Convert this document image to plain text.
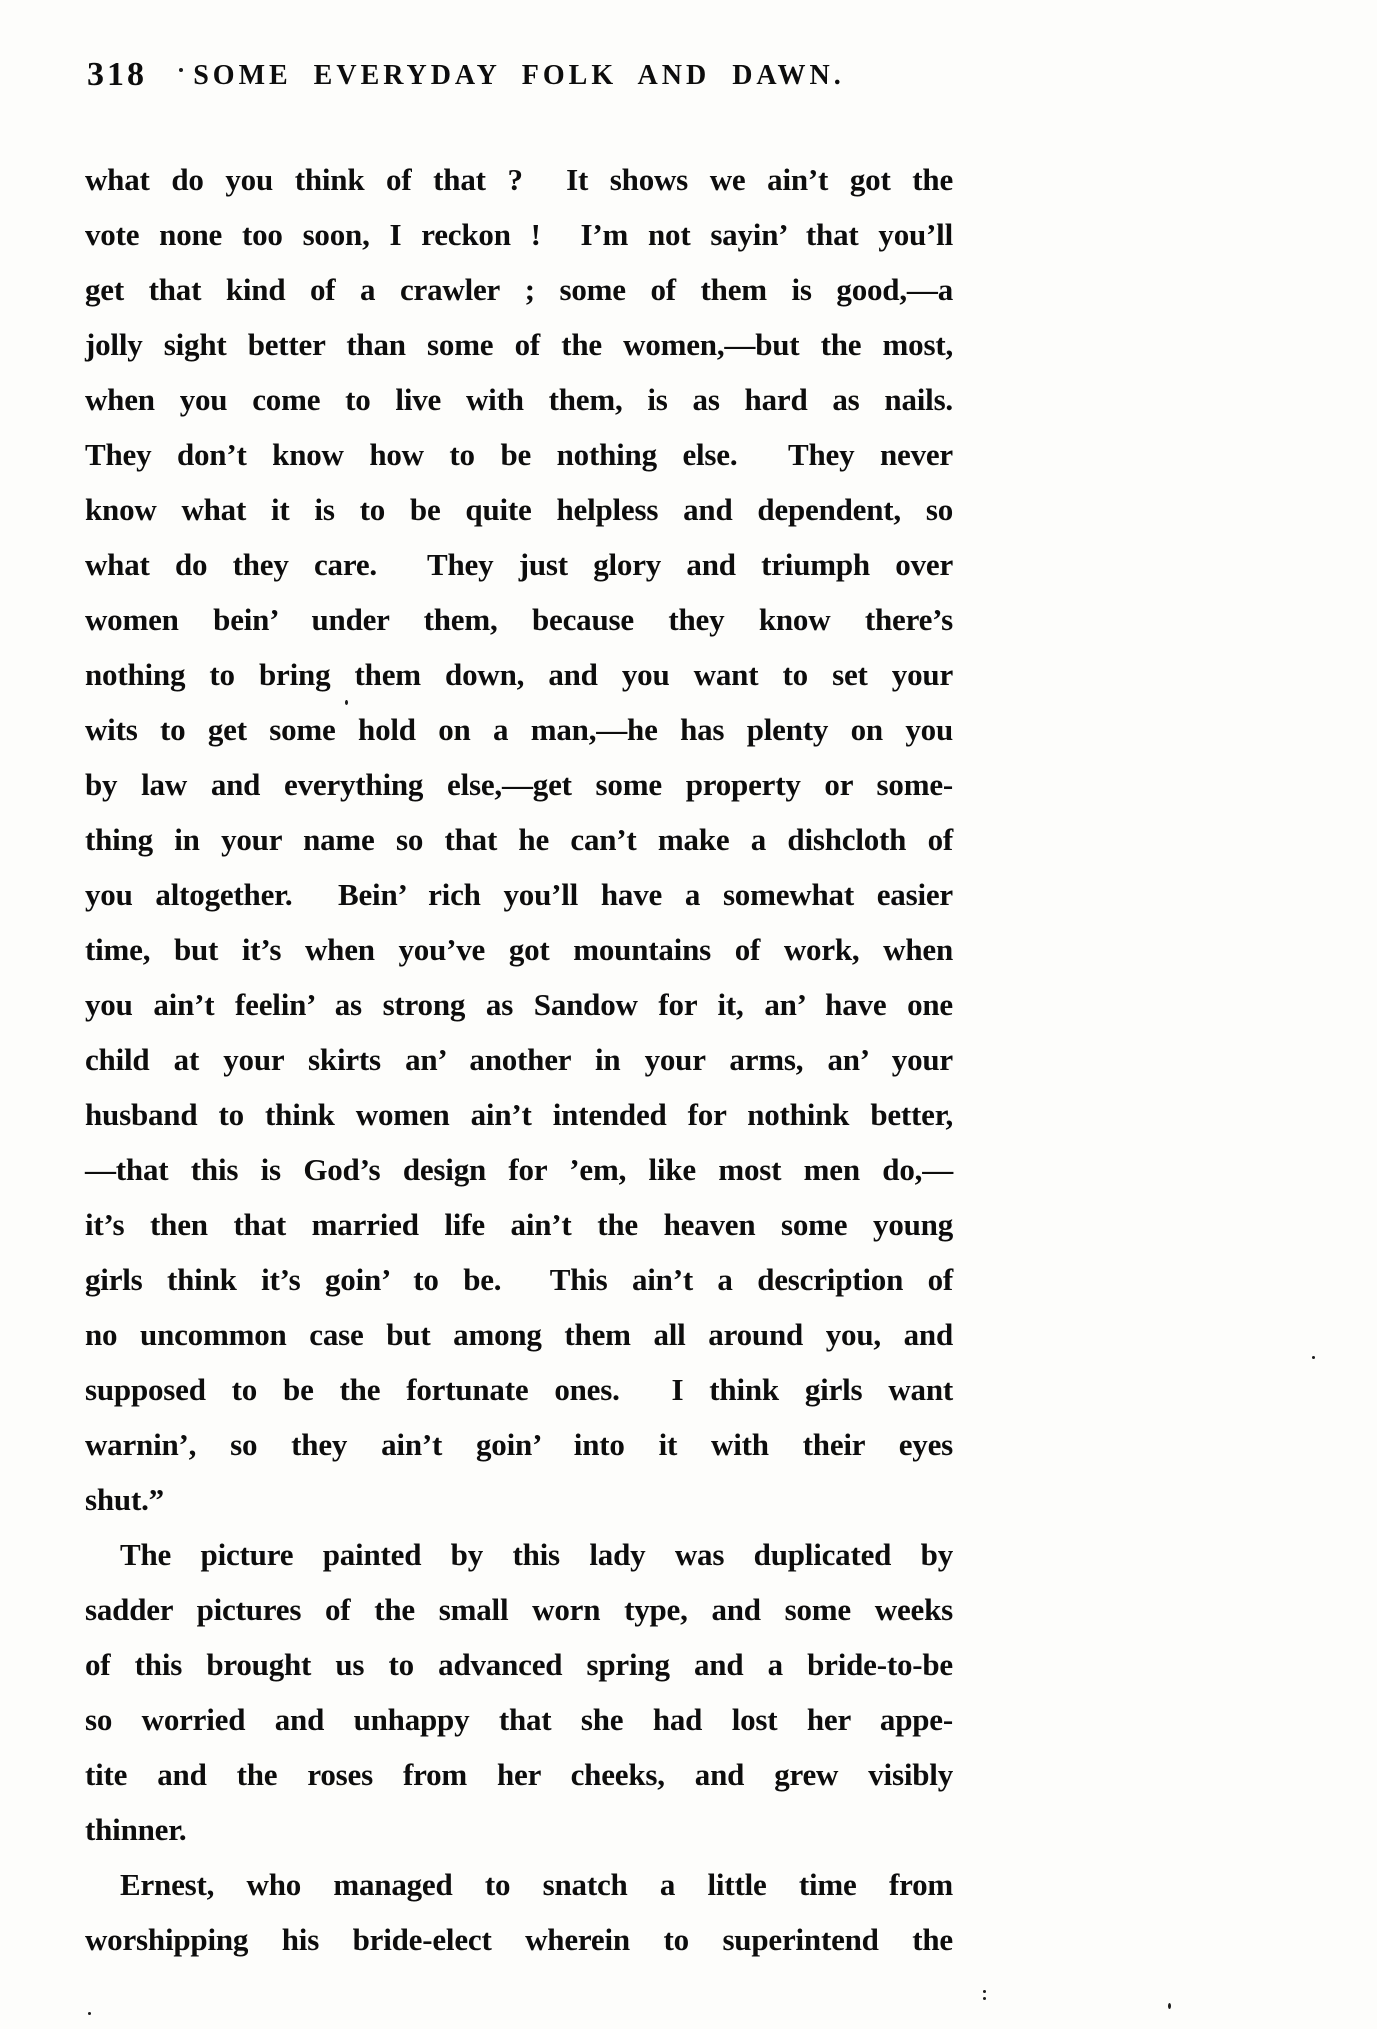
318	SOME EVERYDAY FOLK AND DAWN.
what do you think of that ?  It shows we ain’t got the
vote none too soon, I reckon !  I’m not sayin’ that you’ll
get that kind of a crawler ; some of them is good,—a
jolly sight better than some of the women,—but the most,
when you come to live with them, is as hard as nails.
They don’t know how to be nothing else.  They never
know what it is to be quite helpless and dependent, so
what do they care.  They just glory and triumph over
women bein’ under them, because they know there’s
nothing to bring them down, and you want to set your
wits to get some hold on a man,—he has plenty on you
by law and everything else,—get some property or some-
thing in your name so that he can’t make a dishcloth of
you altogether.  Bein’ rich you’ll have a somewhat easier
time, but it’s when you’ve got mountains of work, when
you ain’t feelin’ as strong as Sandow for it, an’ have one
child at your skirts an’ another in your arms, an’ your
husband to think women ain’t intended for nothink better,
—that this is God’s design for ’em, like most men do,—
it’s then that married life ain’t the heaven some young
girls think it’s goin’ to be.  This ain’t a description of
no uncommon case but among them all around you, and
supposed to be the fortunate ones.  I think girls want
warnin’, so they ain’t goin’ into it with their eyes
shut.”
The picture painted by this lady was duplicated by
sadder pictures of the small worn type, and some weeks
of this brought us to advanced spring and a bride-to-be
so worried and unhappy that she had lost her appe-
tite and the roses from her cheeks, and grew visibly
thinner.
Ernest, who managed to snatch a little time from
worshipping his bride-elect wherein to superintend the
